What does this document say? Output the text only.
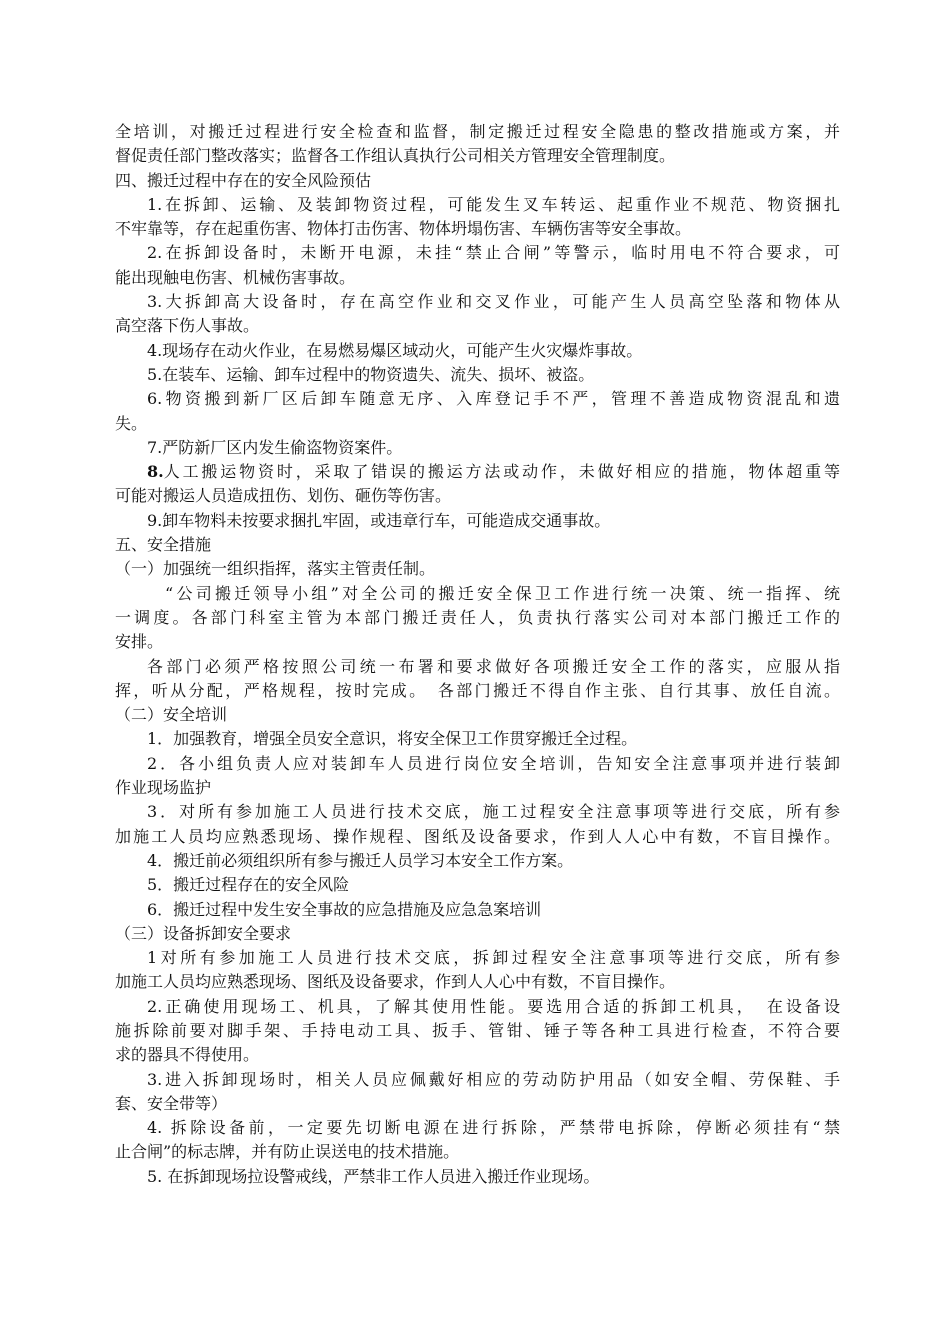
全培训，对搬迁过程进行安全检查和监督，制定搬迁过程安全隐患的整改措施或方案，并
督促责任部门整改落实；监督各工作组认真执行公司相关方管理安全管理制度。
四、搬迁过程中存在的安全风险预估
1.在拆卸、运输、及装卸物资过程，可能发生叉车转运、起重作业不规范、物资捆扎
不牢靠等，存在起重伤害、物体打击伤害、物体坍塌伤害、车辆伤害等安全事故。
2.在拆卸设备时，未断开电源，未挂“禁止合闸”等警示，临时用电不符合要求，可
能出现触电伤害、机械伤害事故。
3.大拆卸高大设备时，存在高空作业和交叉作业，可能产生人员高空坠落和物体从
高空落下伤人事故。
4.现场存在动火作业，在易燃易爆区域动火，可能产生火灾爆炸事故。
5.在装车、运输、卸车过程中的物资遗失、流失、损坏、被盗。
6.物资搬到新厂区后卸车随意无序、入库登记手不严，管理不善造成物资混乱和遗
失。
7.严防新厂区内发生偷盗物资案件。
8. 人工搬运物资时，采取了错误的搬运方法或动作，未做好相应的措施，物体超重等
可能对搬运人员造成扭伤、划伤、砸伤等伤害。
9.卸车物料未按要求捆扎牢固，或违章行车，可能造成交通事故。
五、安全措施
（一）加强统一组织指挥，落实主管责任制。
“公司搬迁领导小组”对全公司的搬迁安全保卫工作进行统一决策、统一指挥、统
一调度。各部门科室主管为本部门搬迁责任人，负责执行落实公司对本部门搬迁工作的
安排。
各部门必须严格按照公司统一布署和要求做好各项搬迁安全工作的落实，应服从指
挥，听从分配，严格规程，按时完成。　各部门搬迁不得自作主张、自行其事、放任自流。
（二）安全培训
1．加强教育，增强全员安全意识，将安全保卫工作贯穿搬迁全过程。
2．各小组负责人应对装卸车人员进行岗位安全培训，告知安全注意事项并进行装卸
作业现场监护
3．对所有参加施工人员进行技术交底，施工过程安全注意事项等进行交底，所有参
加施工人员均应熟悉现场、操作规程、图纸及设备要求，作到人人心中有数，不盲目操作。
4．搬迁前必须组织所有参与搬迁人员学习本安全工作方案。
5．搬迁过程存在的安全风险
6．搬迁过程中发生安全事故的应急措施及应急急案培训
（三）设备拆卸安全要求
1对所有参加施工人员进行技术交底，拆卸过程安全注意事项等进行交底，所有参
加施工人员均应熟悉现场、图纸及设备要求，作到人人心中有数，不盲目操作。
2.正确使用现场工、机具，了解其使用性能。要选用合适的拆卸工机具，　在设备设
施拆除前要对脚手架、手持电动工具、扳手、管钳、锤子等各种工具进行检查，不符合要
求的器具不得使用。
3.进入拆卸现场时，相关人员应佩戴好相应的劳动防护用品（如安全帽、劳保鞋、手
套、安全带等）
4. 拆除设备前，一定要先切断电源在进行拆除，严禁带电拆除，停断必须挂有“禁
止合闸”的标志牌，并有防止误送电的技术措施。
5. 在拆卸现场拉设警戒线，严禁非工作人员进入搬迁作业现场。
